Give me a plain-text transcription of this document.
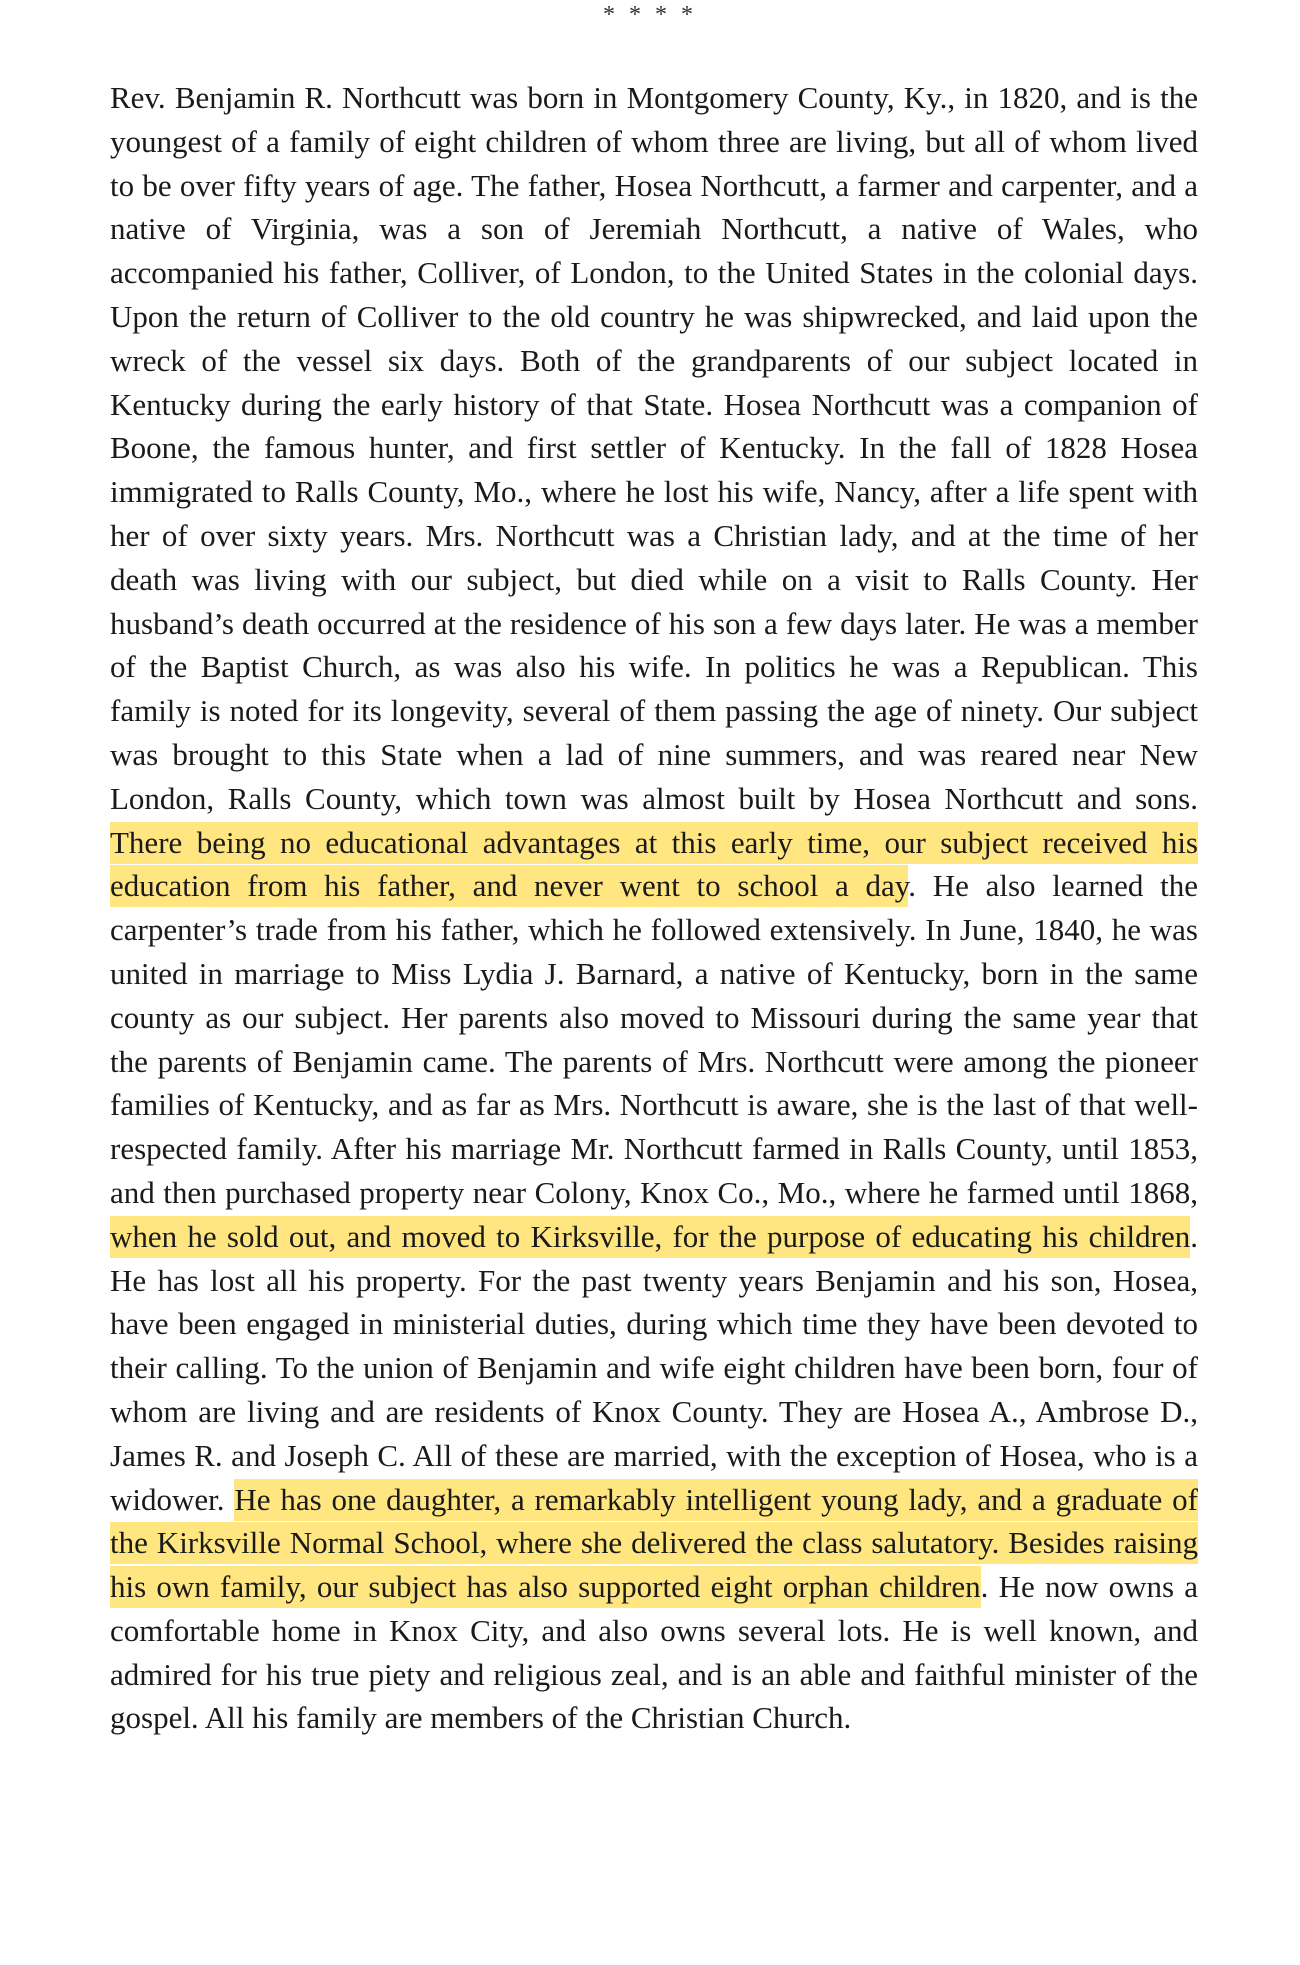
* * * *

Rev. Benjamin R. Northcutt was born in Montgomery County, Ky., in 1820, and is the youngest of a family of eight children of whom three are living, but all of whom lived to be over fifty years of age. The father, Hosea Northcutt, a farmer and carpenter, and a native of Virginia, was a son of Jeremiah Northcutt, a native of Wales, who accompanied his father, Colliver, of London, to the United States in the colonial days. Upon the return of Colliver to the old country he was shipwrecked, and laid upon the wreck of the vessel six days. Both of the grandparents of our subject located in Kentucky during the early history of that State. Hosea Northcutt was a companion of Boone, the famous hunter, and first settler of Kentucky. In the fall of 1828 Hosea immigrated to Ralls County, Mo., where he lost his wife, Nancy, after a life spent with her of over sixty years. Mrs. Northcutt was a Christian lady, and at the time of her death was living with our subject, but died while on a visit to Ralls County. Her husband’s death occurred at the residence of his son a few days later. He was a member of the Baptist Church, as was also his wife. In politics he was a Republican. This family is noted for its longevity, several of them passing the age of ninety. Our subject was brought to this State when a lad of nine summers, and was reared near New London, Ralls County, which town was almost built by Hosea Northcutt and sons. There being no educational advantages at this early time, our subject received his education from his father, and never went to school a day. He also learned the carpenter’s trade from his father, which he followed extensively. In June, 1840, he was united in marriage to Miss Lydia J. Barnard, a native of Kentucky, born in the same county as our subject. Her parents also moved to Missouri during the same year that the parents of Benjamin came. The parents of Mrs. Northcutt were among the pioneer families of Kentucky, and as far as Mrs. Northcutt is aware, she is the last of that well-respected family. After his marriage Mr. Northcutt farmed in Ralls County, until 1853, and then purchased property near Colony, Knox Co., Mo., where he farmed until 1868, when he sold out, and moved to Kirksville, for the purpose of educating his children. He has lost all his property. For the past twenty years Benjamin and his son, Hosea, have been engaged in ministerial duties, during which time they have been devoted to their calling. To the union of Benjamin and wife eight children have been born, four of whom are living and are residents of Knox County. They are Hosea A., Ambrose D., James R. and Joseph C. All of these are married, with the exception of Hosea, who is a widower. He has one daughter, a remarkably intelligent young lady, and a graduate of the Kirksville Normal School, where she delivered the class salutatory. Besides raising his own family, our subject has also supported eight orphan children. He now owns a comfortable home in Knox City, and also owns several lots. He is well known, and admired for his true piety and religious zeal, and is an able and faithful minister of the gospel. All his family are members of the Christian Church.
